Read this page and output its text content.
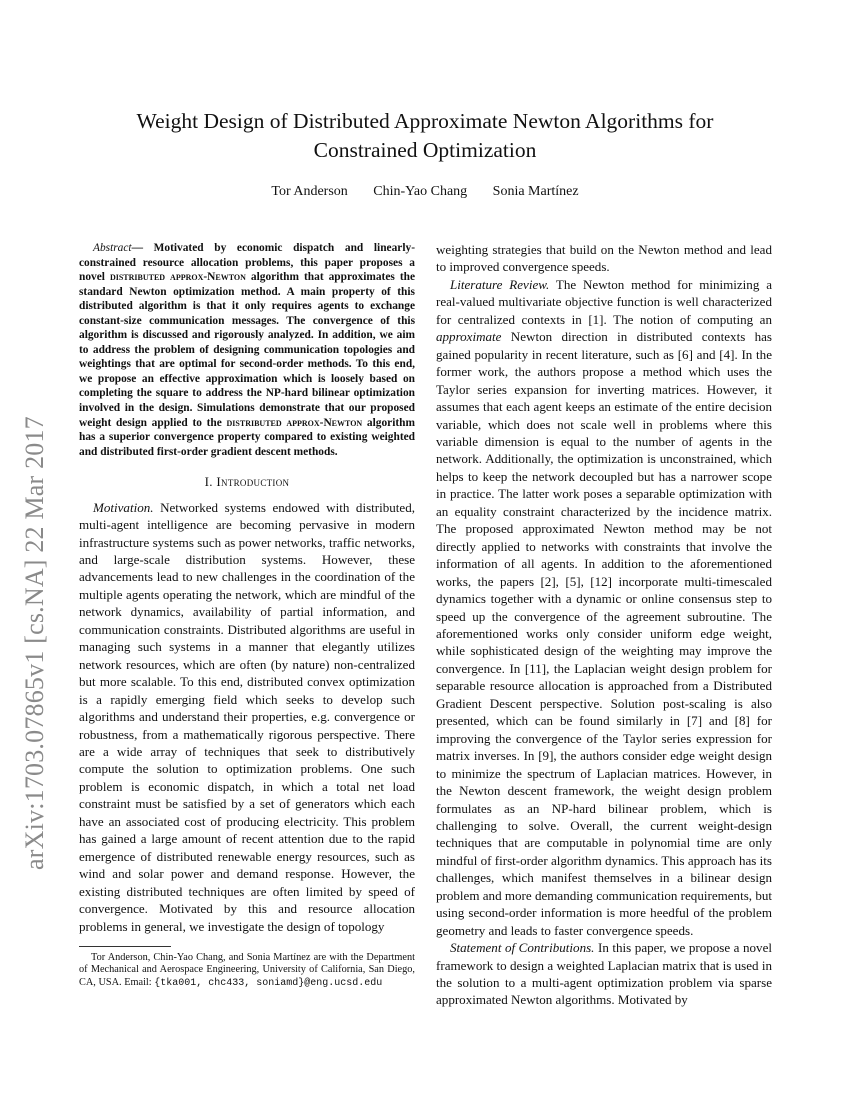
arXiv:1703.07865v1 [cs.NA] 22 Mar 2017
Weight Design of Distributed Approximate Newton Algorithms for
Constrained Optimization
Tor Anderson Chin-Yao Chang Sonia Martínez

Abstract— Motivated by economic dispatch and linearly-constrained resource allocation problems, this paper proposes a novel distributed approx-Newton algorithm that approximates the standard Newton optimization method. A main property of this distributed algorithm is that it only requires agents to exchange constant-size communication messages. The convergence of this algorithm is discussed and rigorously analyzed. In addition, we aim to address the problem of designing communication topologies and weightings that are optimal for second-order methods. To this end, we propose an effective approximation which is loosely based on completing the square to address the NP-hard bilinear optimization involved in the design. Simulations demonstrate that our proposed weight design applied to the distributed approx-Newton algorithm has a superior convergence property compared to existing weighted and distributed first-order gradient descent methods.

I. Introduction

Motivation. Networked systems endowed with distributed, multi-agent intelligence are becoming pervasive in modern infrastructure systems such as power networks, traffic networks, and large-scale distribution systems. However, these advancements lead to new challenges in the coordination of the multiple agents operating the network, which are mindful of the network dynamics, availability of partial information, and communication constraints. Distributed algorithms are useful in managing such systems in a manner that elegantly utilizes network resources, which are often (by nature) non-centralized but more scalable. To this end, distributed convex optimization is a rapidly emerging field which seeks to develop such algorithms and understand their properties, e.g. convergence or robustness, from a mathematically rigorous perspective. There are a wide array of techniques that seek to distributively compute the solution to optimization problems. One such problem is economic dispatch, in which a total net load constraint must be satisfied by a set of generators which each have an associated cost of producing electricity. This problem has gained a large amount of recent attention due to the rapid emergence of distributed renewable energy resources, such as wind and solar power and demand response. However, the existing distributed techniques are often limited by speed of convergence. Motivated by this and resource allocation problems in general, we investigate the design of topology

Tor Anderson, Chin-Yao Chang, and Sonia Martínez are with the Department of Mechanical and Aerospace Engineering, University of California, San Diego, CA, USA. Email: {tka001, chc433, soniamd}@eng.ucsd.edu

weighting strategies that build on the Newton method and lead to improved convergence speeds.

Literature Review. The Newton method for minimizing a real-valued multivariate objective function is well characterized for centralized contexts in [1]. The notion of computing an approximate Newton direction in distributed contexts has gained popularity in recent literature, such as [6] and [4]. In the former work, the authors propose a method which uses the Taylor series expansion for inverting matrices. However, it assumes that each agent keeps an estimate of the entire decision variable, which does not scale well in problems where this variable dimension is equal to the number of agents in the network. Additionally, the optimization is unconstrained, which helps to keep the network decoupled but has a narrower scope in practice. The latter work poses a separable optimization with an equality constraint characterized by the incidence matrix. The proposed approximated Newton method may be not directly applied to networks with constraints that involve the information of all agents. In addition to the aforementioned works, the papers [2], [5], [12] incorporate multi-timescaled dynamics together with a dynamic or online consensus step to speed up the convergence of the agreement subroutine. The aforementioned works only consider uniform edge weight, while sophisticated design of the weighting may improve the convergence. In [11], the Laplacian weight design problem for separable resource allocation is approached from a Distributed Gradient Descent perspective. Solution post-scaling is also presented, which can be found similarly in [7] and [8] for improving the convergence of the Taylor series expression for matrix inverses. In [9], the authors consider edge weight design to minimize the spectrum of Laplacian matrices. However, in the Newton descent framework, the weight design problem formulates as an NP-hard bilinear problem, which is challenging to solve. Overall, the current weight-design techniques that are computable in polynomial time are only mindful of first-order algorithm dynamics. This approach has its challenges, which manifest themselves in a bilinear design problem and more demanding communication requirements, but using second-order information is more heedful of the problem geometry and leads to faster convergence speeds.

Statement of Contributions. In this paper, we propose a novel framework to design a weighted Laplacian matrix that is used in the solution to a multi-agent optimization problem via sparse approximated Newton algorithms. Motivated by
